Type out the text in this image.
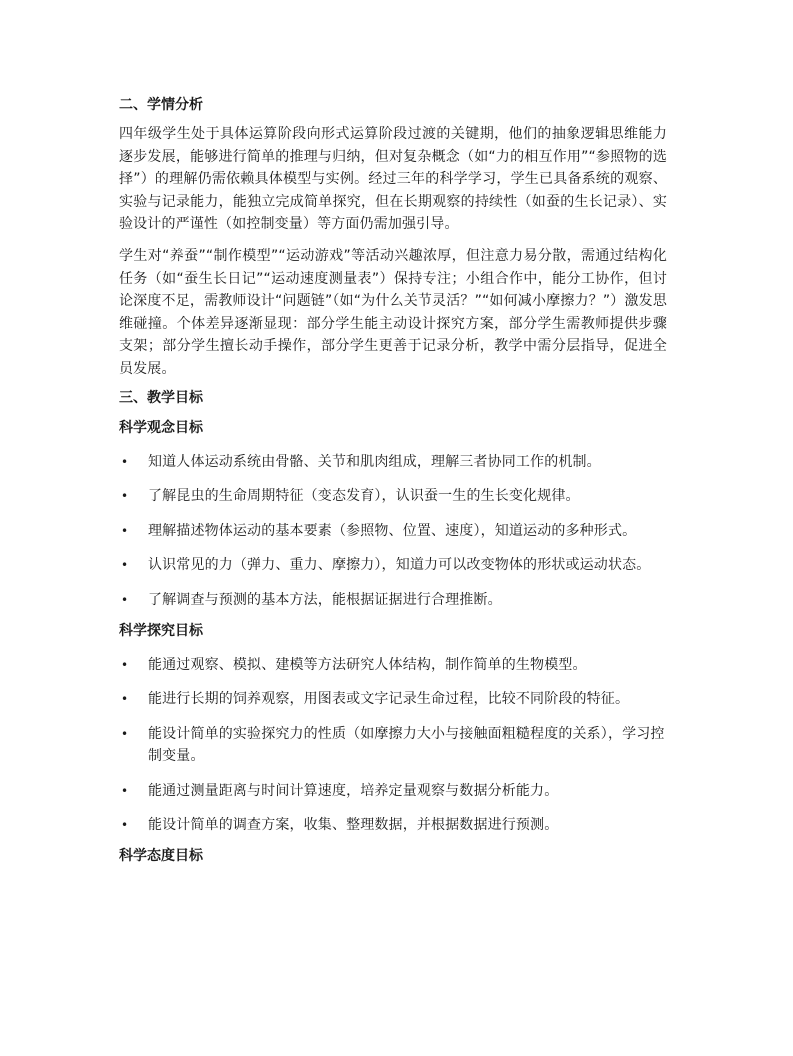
二、学情分析

四年级学生处于具体运算阶段向形式运算阶段过渡的关键期，他们的抽象逻辑思维能力逐步发展，能够进行简单的推理与归纳，但对复杂概念（如“力的相互作用”“参照物的选择”）的理解仍需依赖具体模型与实例。经过三年的科学学习，学生已具备系统的观察、实验与记录能力，能独立完成简单探究，但在长期观察的持续性（如蚕的生长记录）、实验设计的严谨性（如控制变量）等方面仍需加强引导。

学生对“养蚕”“制作模型”“运动游戏”等活动兴趣浓厚，但注意力易分散，需通过结构化任务（如“蚕生长日记”“运动速度测量表”）保持专注；小组合作中，能分工协作，但讨论深度不足，需教师设计“问题链”（如“为什么关节灵活？”“如何减小摩擦力？”）激发思维碰撞。个体差异逐渐显现：部分学生能主动设计探究方案，部分学生需教师提供步骤支架；部分学生擅长动手操作，部分学生更善于记录分析，教学中需分层指导，促进全员发展。

三、教学目标
科学观念目标
• 知道人体运动系统由骨骼、关节和肌肉组成，理解三者协同工作的机制。
• 了解昆虫的生命周期特征（变态发育），认识蚕一生的生长变化规律。
• 理解描述物体运动的基本要素（参照物、位置、速度），知道运动的多种形式。
• 认识常见的力（弹力、重力、摩擦力），知道力可以改变物体的形状或运动状态。
• 了解调查与预测的基本方法，能根据证据进行合理推断。
科学探究目标
• 能通过观察、模拟、建模等方法研究人体结构，制作简单的生物模型。
• 能进行长期的饲养观察，用图表或文字记录生命过程，比较不同阶段的特征。
• 能设计简单的实验探究力的性质（如摩擦力大小与接触面粗糙程度的关系），学习控制变量。
• 能通过测量距离与时间计算速度，培养定量观察与数据分析能力。
• 能设计简单的调查方案，收集、整理数据，并根据数据进行预测。
科学态度目标
